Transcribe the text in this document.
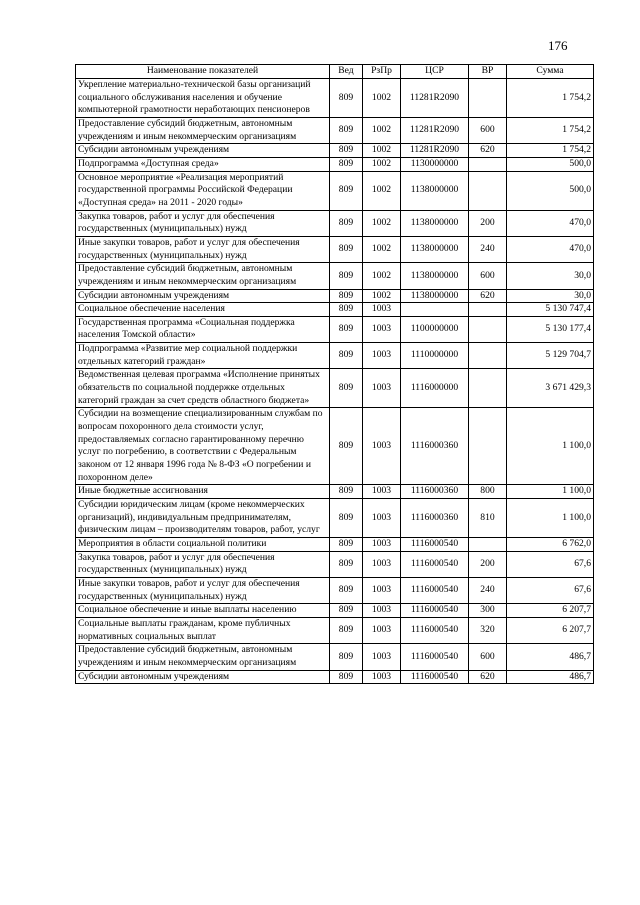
176
Наименование показателей	Вед	РзПр	ЦСР	ВР	Сумма
Укрепление материально-технической базы организаций социального обслуживания населения и обучение компьютерной грамотности неработающих пенсионеров	809	1002	11281R2090		1 754,2
Предоставление субсидий бюджетным, автономным учреждениям и иным некоммерческим организациям	809	1002	11281R2090	600	1 754,2
Субсидии автономным учреждениям	809	1002	11281R2090	620	1 754,2
Подпрограмма «Доступная среда»	809	1002	1130000000		500,0
Основное мероприятие «Реализация мероприятий государственной программы Российской Федерации «Доступная среда» на 2011 - 2020 годы»	809	1002	1138000000		500,0
Закупка товаров, работ и услуг для обеспечения государственных (муниципальных) нужд	809	1002	1138000000	200	470,0
Иные закупки товаров, работ и услуг для обеспечения государственных (муниципальных) нужд	809	1002	1138000000	240	470,0
Предоставление субсидий бюджетным, автономным учреждениям и иным некоммерческим организациям	809	1002	1138000000	600	30,0
Субсидии автономным учреждениям	809	1002	1138000000	620	30,0
Социальное обеспечение населения	809	1003			5 130 747,4
Государственная программа «Социальная поддержка населения Томской области»	809	1003	1100000000		5 130 177,4
Подпрограмма «Развитие мер социальной поддержки отдельных категорий граждан»	809	1003	1110000000		5 129 704,7
Ведомственная целевая программа «Исполнение принятых обязательств по социальной поддержке отдельных категорий граждан за счет средств областного бюджета»	809	1003	1116000000		3 671 429,3
Субсидии на возмещение специализированным службам по вопросам похоронного дела стоимости услуг, предоставляемых согласно гарантированному перечню услуг по погребению, в соответствии с Федеральным законом от 12 января 1996 года № 8-ФЗ «О погребении и похоронном деле»	809	1003	1116000360		1 100,0
Иные бюджетные ассигнования	809	1003	1116000360	800	1 100,0
Субсидии юридическим лицам (кроме некоммерческих организаций), индивидуальным предпринимателям, физическим лицам – производителям товаров, работ, услуг	809	1003	1116000360	810	1 100,0
Мероприятия в области социальной политики	809	1003	1116000540		6 762,0
Закупка товаров, работ и услуг для обеспечения государственных (муниципальных) нужд	809	1003	1116000540	200	67,6
Иные закупки товаров, работ и услуг для обеспечения государственных (муниципальных) нужд	809	1003	1116000540	240	67,6
Социальное обеспечение и иные выплаты населению	809	1003	1116000540	300	6 207,7
Социальные выплаты гражданам, кроме публичных нормативных социальных выплат	809	1003	1116000540	320	6 207,7
Предоставление субсидий бюджетным, автономным учреждениям и иным некоммерческим организациям	809	1003	1116000540	600	486,7
Субсидии автономным учреждениям	809	1003	1116000540	620	486,7
